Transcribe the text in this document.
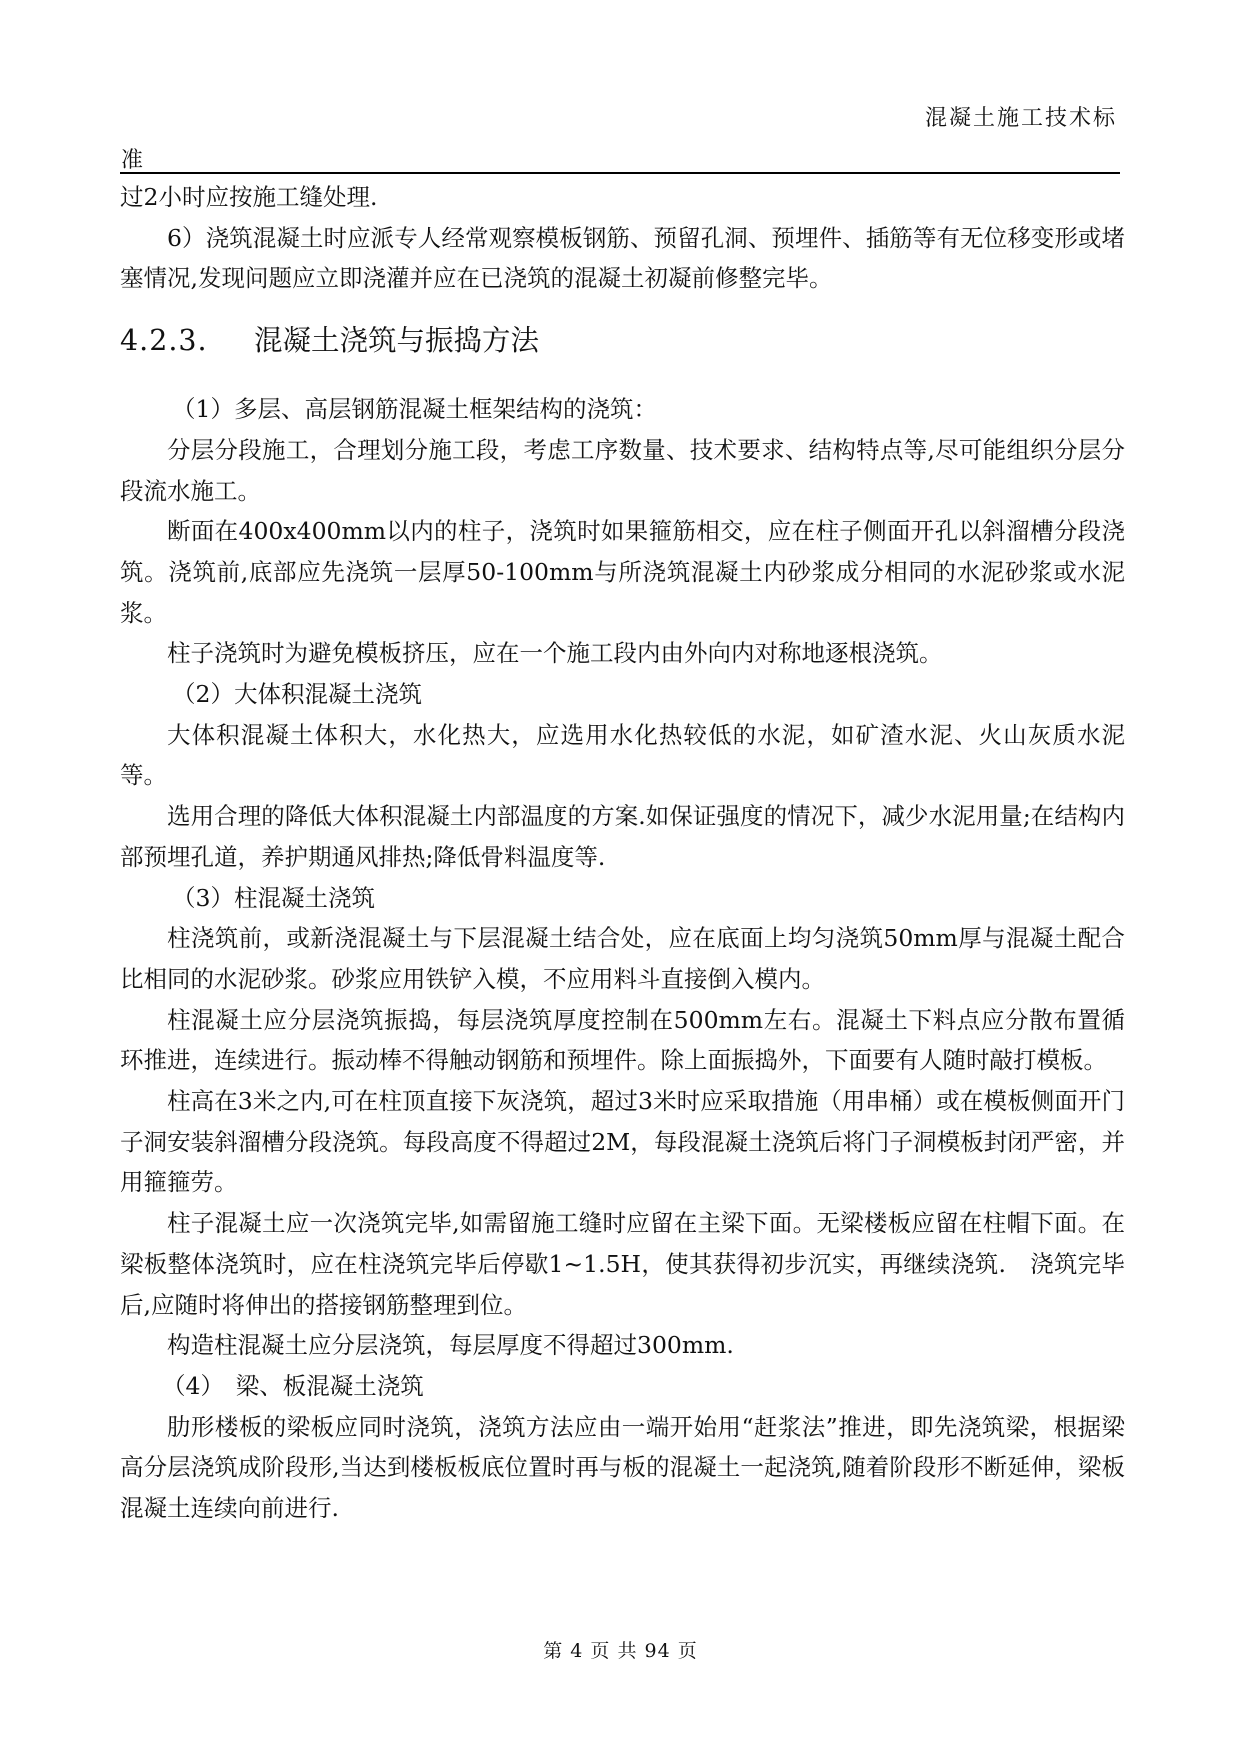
混凝土施工技术标
准

过2小时应按施工缝处理.

6）浇筑混凝土时应派专人经常观察模板钢筋、预留孔洞、预埋件、插筋等有无位移变形或堵塞情况,发现问题应立即浇灌并应在已浇筑的混凝土初凝前修整完毕。

4.2.3.	混凝土浇筑与振捣方法

（1）多层、高层钢筋混凝土框架结构的浇筑：

分层分段施工，合理划分施工段，考虑工序数量、技术要求、结构特点等,尽可能组织分层分段流水施工。

断面在400x400mm以内的柱子，浇筑时如果箍筋相交，应在柱子侧面开孔以斜溜槽分段浇筑。浇筑前,底部应先浇筑一层厚50-100mm与所浇筑混凝土内砂浆成分相同的水泥砂浆或水泥浆。

柱子浇筑时为避免模板挤压，应在一个施工段内由外向内对称地逐根浇筑。

（2）大体积混凝土浇筑

大体积混凝土体积大，水化热大，应选用水化热较低的水泥，如矿渣水泥、火山灰质水泥等。

选用合理的降低大体积混凝土内部温度的方案.如保证强度的情况下，减少水泥用量;在结构内部预埋孔道，养护期通风排热;降低骨料温度等.

（3）柱混凝土浇筑

柱浇筑前，或新浇混凝土与下层混凝土结合处，应在底面上均匀浇筑50mm厚与混凝土配合比相同的水泥砂浆。砂浆应用铁铲入模，不应用料斗直接倒入模内。

柱混凝土应分层浇筑振捣，每层浇筑厚度控制在500mm左右。混凝土下料点应分散布置循环推进，连续进行。振动棒不得触动钢筋和预埋件。除上面振捣外，下面要有人随时敲打模板。

柱高在3米之内,可在柱顶直接下灰浇筑，超过3米时应采取措施（用串桶）或在模板侧面开门子洞安装斜溜槽分段浇筑。每段高度不得超过2M，每段混凝土浇筑后将门子洞模板封闭严密，并用箍箍劳。

柱子混凝土应一次浇筑完毕,如需留施工缝时应留在主梁下面。无梁楼板应留在柱帽下面。在梁板整体浇筑时，应在柱浇筑完毕后停歇1~1.5H，使其获得初步沉实，再继续浇筑.　浇筑完毕后,应随时将伸出的搭接钢筋整理到位。

构造柱混凝土应分层浇筑，每层厚度不得超过300mm.

（4）　梁、板混凝土浇筑

肋形楼板的梁板应同时浇筑，浇筑方法应由一端开始用“赶浆法”推进，即先浇筑梁，根据梁高分层浇筑成阶段形,当达到楼板板底位置时再与板的混凝土一起浇筑,随着阶段形不断延伸，梁板混凝土连续向前进行.

第 4 页 共 94 页
